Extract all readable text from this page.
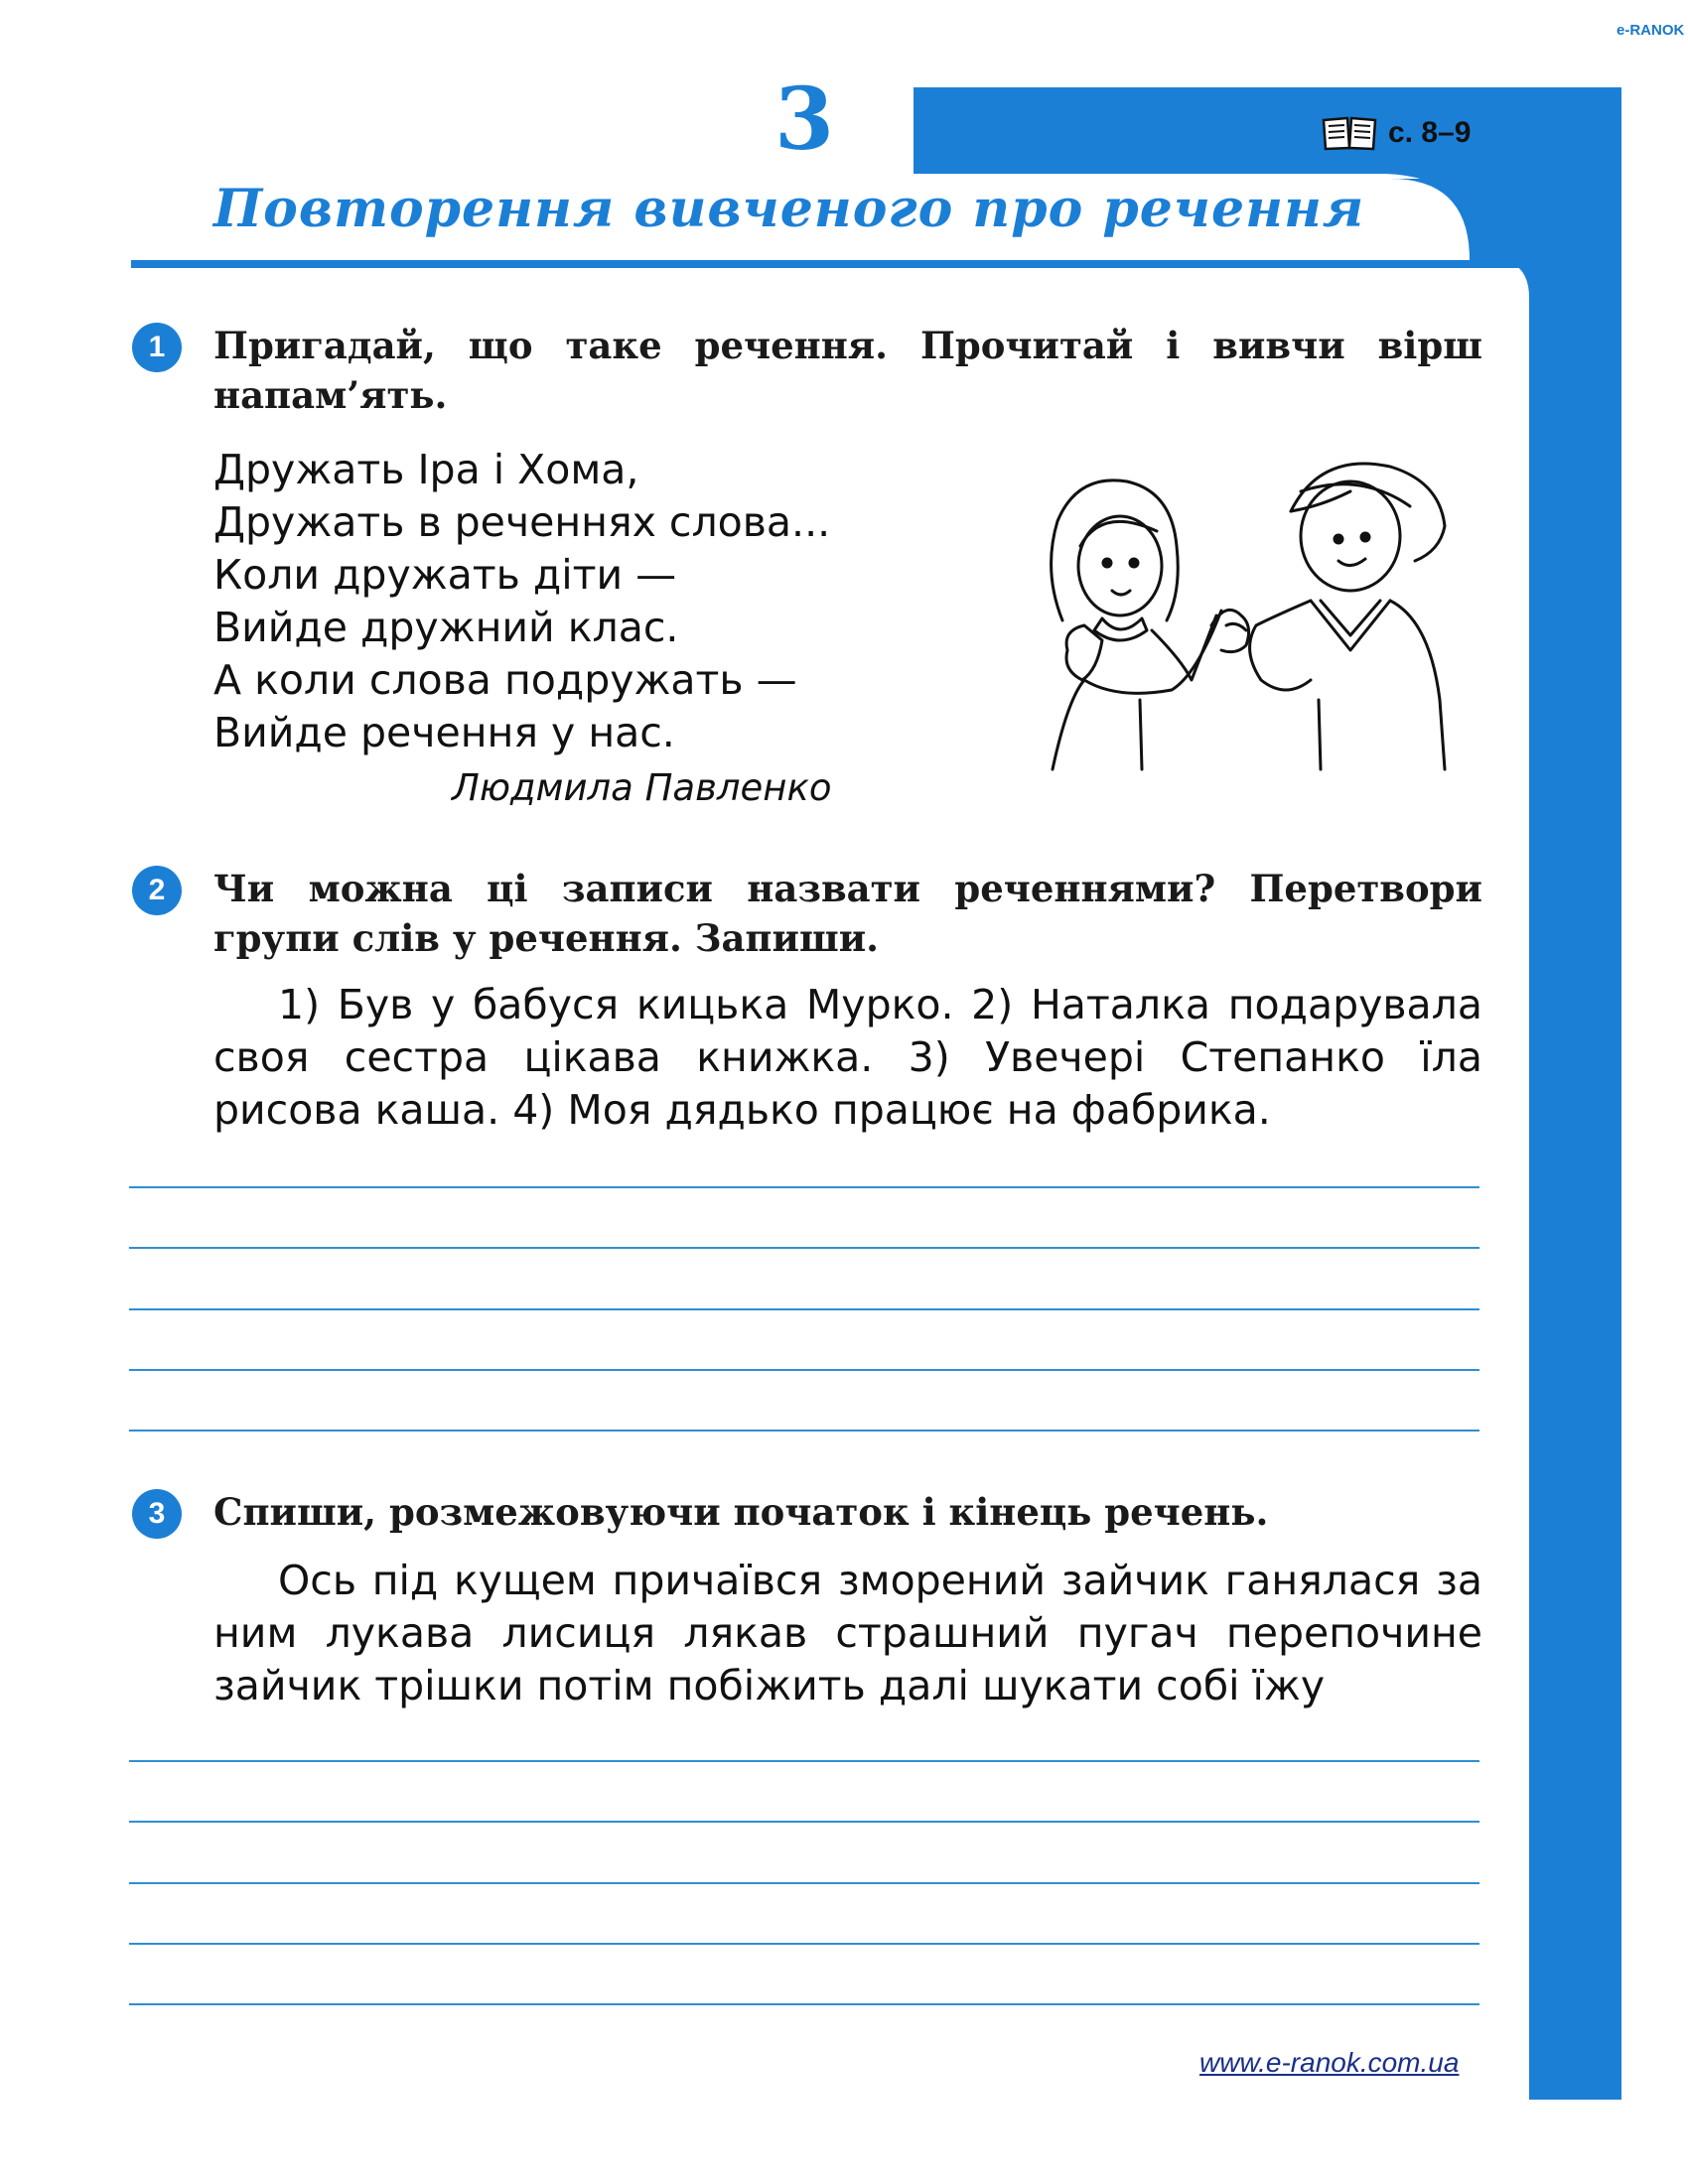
e-RANOK
3	с. 8–9
Повторення вивченого про речення
1	Пригадай, що таке речення. Прочитай і вивчи вірш напам’ять.
Дружать Іра і Хома,
Дружать в реченнях слова...
Коли дружать діти —
Вийде дружний клас.
А коли слова подружать —
Вийде речення у нас.
Людмила Павленко
2	Чи можна ці записи назвати реченнями? Перетвори групи слів у речення. Запиши.
1) Був у бабуся кицька Мурко. 2) Наталка подарувала своя сестра цікава книжка. 3) Увечері Степанко їла рисова каша. 4) Моя дядько працює на фабрика.
3	Спиши, розмежовуючи початок і кінець речень.
Ось під кущем причаївся зморений зайчик ганялася за ним лукава лисиця лякав страшний пугач перепочине зайчик трішки потім побіжить далі шукати собі їжу
www.e-ranok.com.ua
